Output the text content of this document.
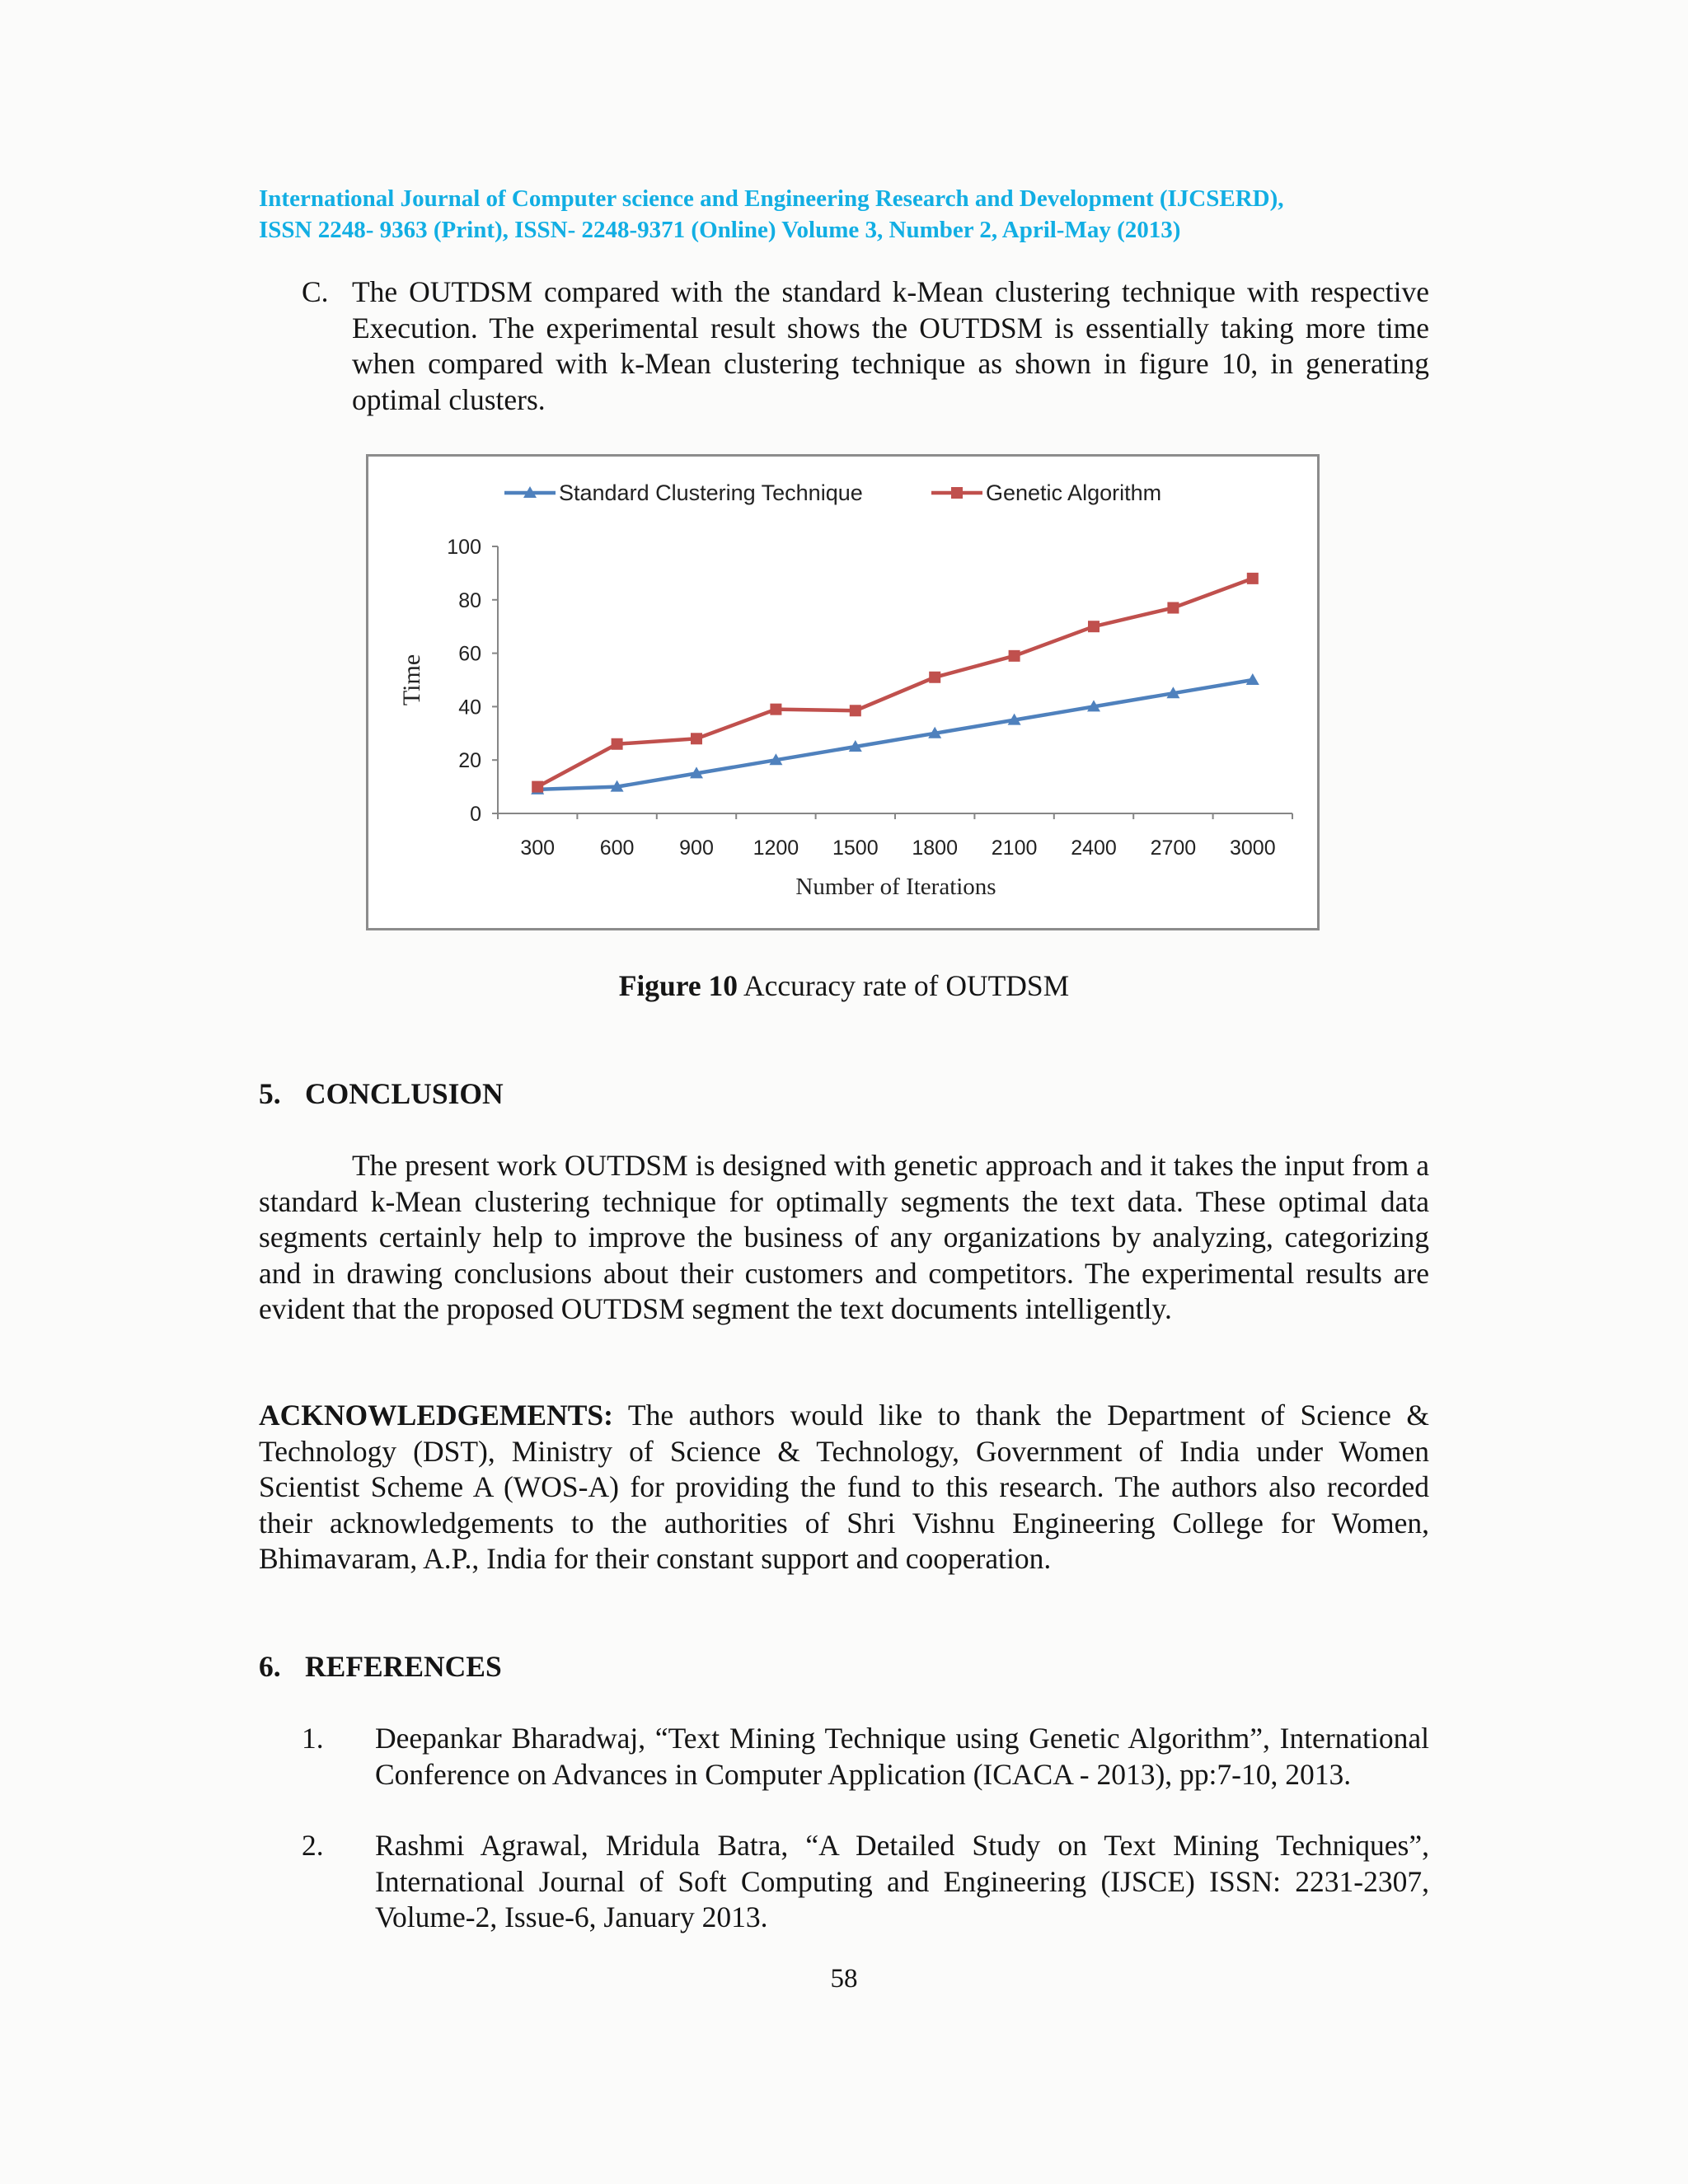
International Journal of Computer science and Engineering Research and Development (IJCSERD),
ISSN 2248- 9363 (Print), ISSN- 2248-9371 (Online) Volume 3, Number 2, April-May (2013)
C. The OUTDSM compared with the standard k-Mean clustering technique with respective Execution. The experimental result shows the OUTDSM is essentially taking more time when compared with k-Mean clustering technique as shown in figure 10, in generating optimal clusters.
Standard Clustering Technique	Genetic Algorithm
0
20
40
60
80
100
300 600 900 1200 1500 1800 2100 2400 2700 3000
Time
Number of Iterations
Figure 10 Accuracy rate of OUTDSM
5. CONCLUSION
The present work OUTDSM is designed with genetic approach and it takes the input from a standard k-Mean clustering technique for optimally segments the text data. These optimal data segments certainly help to improve the business of any organizations by analyzing, categorizing and in drawing conclusions about their customers and competitors. The experimental results are evident that the proposed OUTDSM segment the text documents intelligently.
ACKNOWLEDGEMENTS: The authors would like to thank the Department of Science & Technology (DST), Ministry of Science & Technology, Government of India under Women Scientist Scheme A (WOS-A) for providing the fund to this research. The authors also recorded their acknowledgements to the authorities of Shri Vishnu Engineering College for Women, Bhimavaram, A.P., India for their constant support and cooperation.
6. REFERENCES
1. Deepankar Bharadwaj, “Text Mining Technique using Genetic Algorithm”, International Conference on Advances in Computer Application (ICACA - 2013), pp:7-10, 2013.
2. Rashmi Agrawal, Mridula Batra, “A Detailed Study on Text Mining Techniques”, International Journal of Soft Computing and Engineering (IJSCE) ISSN: 2231-2307, Volume-2, Issue-6, January 2013.
58
